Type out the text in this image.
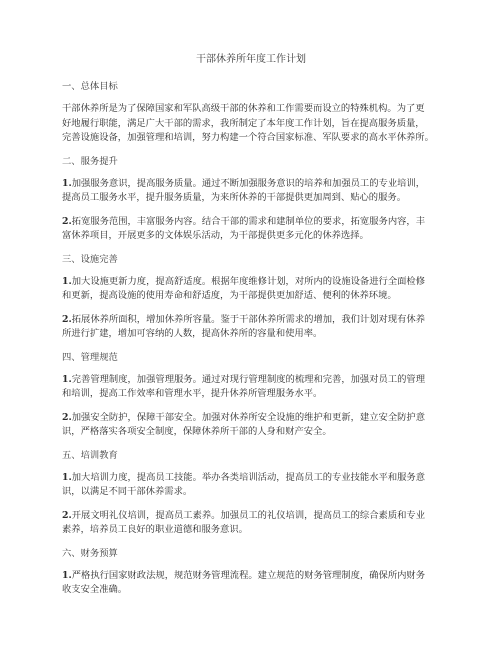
干部休养所年度工作计划
一、总体目标
干部休养所是为了保障国家和军队高级干部的休养和工作需要而设立的特殊机构。为了更
好地履行职能，满足广大干部的需求，我所制定了本年度工作计划，旨在提高服务质量，
完善设施设备，加强管理和培训，努力构建一个符合国家标准、军队要求的高水平休养所。
二、服务提升
1.加强服务意识，提高服务质量。通过不断加强服务意识的培养和加强员工的专业培训，
提高员工服务水平，提升服务质量，为来所休养的干部提供更加周到、贴心的服务。
2.拓宽服务范围，丰富服务内容。结合干部的需求和建制单位的要求，拓宽服务内容，丰
富休养项目，开展更多的文体娱乐活动，为干部提供更多元化的休养选择。
三、设施完善
1.加大设施更新力度，提高舒适度。根据年度维修计划，对所内的设施设备进行全面检修
和更新，提高设施的使用寿命和舒适度，为干部提供更加舒适、便利的休养环境。
2.拓展休养所面积，增加休养所容量。鉴于干部休养所需求的增加，我们计划对现有休养
所进行扩建，增加可容纳的人数，提高休养所的容量和使用率。
四、管理规范
1.完善管理制度，加强管理服务。通过对现行管理制度的梳理和完善，加强对员工的管理
和培训，提高工作效率和管理水平，提升休养所管理服务水平。
2.加强安全防护，保障干部安全。加强对休养所安全设施的维护和更新，建立安全防护意
识，严格落实各项安全制度，保障休养所干部的人身和财产安全。
五、培训教育
1.加大培训力度，提高员工技能。举办各类培训活动，提高员工的专业技能水平和服务意
识，以满足不同干部休养需求。
2.开展文明礼仪培训，提高员工素养。加强员工的礼仪培训，提高员工的综合素质和专业
素养，培养员工良好的职业道德和服务意识。
六、财务预算
1.严格执行国家财政法规，规范财务管理流程。建立规范的财务管理制度，确保所内财务
收支安全准确。
